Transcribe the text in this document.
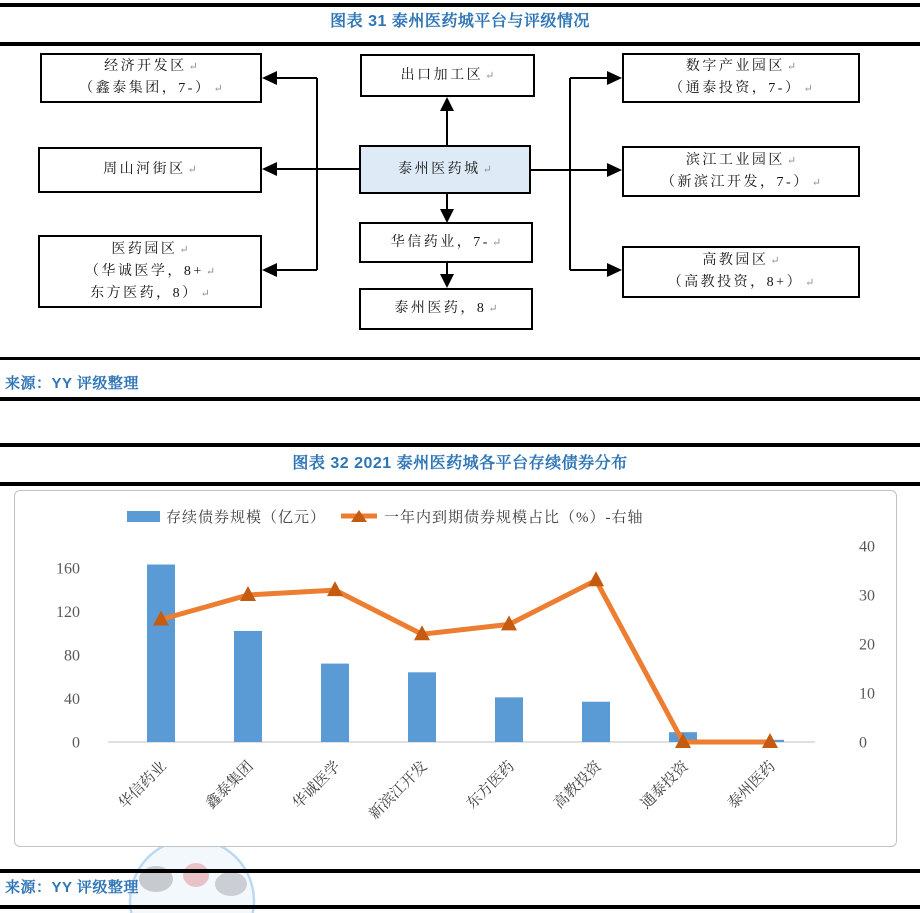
图表 31 泰州医药城平台与评级情况
经济开发区 ↵
（鑫泰集团，7-） ↵
周山河街区 ↵
医药园区 ↵
（华诚医学，8+ ↵
东方医药，8） ↵
出口加工区 ↵
泰州医药城 ↵
华信药业，7- ↵
泰州医药，8 ↵
数字产业园区 ↵
（通泰投资，7-） ↵
滨江工业园区 ↵
（新滨江开发，7-） ↵
高教园区 ↵
（高教投资，8+） ↵
来源：YY 评级整理
图表 32 2021 泰州医药城各平台存续债券分布
存续债券规模（亿元）	一年内到期债券规模占比（%）-右轴
0
40
80
120
160
0
10
20
30
40
华信药业 鑫泰集团 华诚医学 新滨江开发 东方医药 高教投资 通泰投资 泰州医药
来源：YY 评级整理
